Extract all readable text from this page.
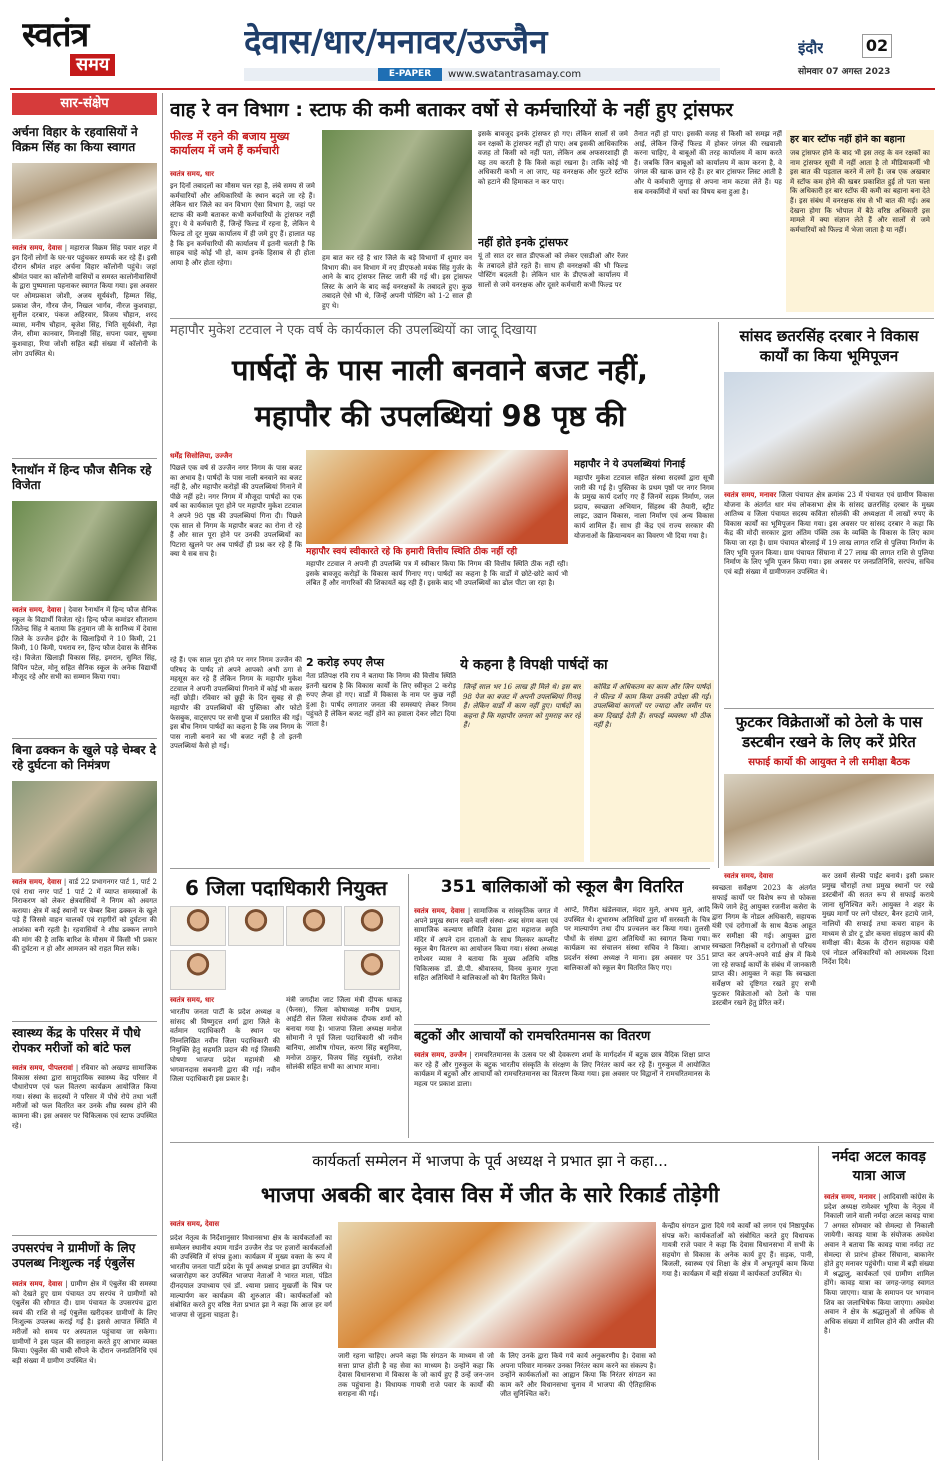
स्वतंत्र
समय
देवास/धार/मनावर/उज्जैन
E-PAPER	www.swatantrasamay.com
इंदौर	02
सोमवार 07 अगस्त 2023
सार-संक्षेप
अर्चना विहार के रहवासियों ने विक्रम सिंह का किया स्वागत
स्वतंत्र समय, देवास | महाराज विक्रम सिंह पवार शहर में इन दिनों लोगों के घर-घर पहुंचकर सम्पर्क कर रहे हैं। इसी दौरान श्रीमंत शहर अर्चना विहार कॉलोनी पहुंचे। जहां श्रीमंत पवार का कॉलोनी वासियों व समस्त कालोनीवासियों के द्वारा पुष्पमाला पहनाकर स्वागत किया गया। इस अवसर पर ओमप्रकाश जोशी, अजय सूर्यवंशी, हिम्मत सिंह, प्रकाश जैन, गौरव जैन, निखल भार्गव, नीरज कुशवाहा, सुनील दरबार, पंकज अहिरवार, विजय चौहान, शरद व्यास, मनीष चौहान, बृजेश सिंह, भिति सूर्यवंशी, नेहा जैन, सीमा कानवार, मिनाक्षी सिंह, सपना पवार, सुषमा कुशवाहा, रिया जोशी सहित बड़ी संख्या में कॉलोनी के लोग उपस्थित थे।
रैनाथॉन में हिन्द फौज सैनिक रहे विजेता
स्वतंत्र समय, देवास | देवास रैनाथॉन में हिन्द फौज सैनिक स्कूल के विद्यार्थी विजेता रहे। हिन्द फौज कमांडर सीताराम जितेन्द्र सिंह ने बताया कि हनुमान जी के सानिध्य में देवास जिले के उज्जैन इंदौर के खिलाड़ियों ने 10 किमी, 21 किमी, 10 किमी, पथराव रन, हिन्द फौज देवास के सैनिक रहे। विजेता खिलाड़ी विकास सिंह, इमरान, सुमित सिंह, विपिन पटेल, मोनू सहित सैनिक स्कूल के अनेक विद्यार्थी मौजूद रहे और सभी का सम्मान किया गया।
बिना ढक्कन के खुले पड़े चेम्बर दे रहे दुर्घटना को निमंत्रण
स्वतंत्र समय, देवास | वार्ड 22 प्रभागनगर पार्ट 1, पार्ट 2 एवं राधा नगर पार्ट 1 पार्ट 2 में व्याप्त समस्याओं के निराकरण को लेकर क्षेत्रवासियों ने निगम को अवगत कराया। क्षेत्र में कई स्थानों पर चेम्बर बिना ढक्कन के खुले पड़े हैं जिससे वाहन चालकों एवं राहगीरों को दुर्घटना की आशंका बनी रहती है। रहवासियों ने शीघ्र ढक्कन लगाने की मांग की है ताकि बारिश के मौसम में किसी भी प्रकार की दुर्घटना न हो और आमजन को राहत मिल सके।
स्वास्थ्य केंद्र के परिसर में पौधे रोपकर मरीजों को बांटे फल
स्वतंत्र समय, पीपलरावां | रविवार को अखण्ड सामाजिक विकास संस्था द्वारा सामुदायिक स्वास्थ्य केंद्र परिसर में पौधारोपण एवं फल वितरण कार्यक्रम आयोजित किया गया। संस्था के सदस्यों ने परिसर में पौधे रोपे तथा भर्ती मरीजों को फल वितरित कर उनके शीघ्र स्वस्थ होने की कामना की। इस अवसर पर चिकित्सक एवं स्टाफ उपस्थित रहे।
उपसरपंच ने ग्रामीणों के लिए उपलब्ध निःशुल्क नई एंबुलेंस
स्वतंत्र समय, देवास | ग्रामीण क्षेत्र में एंबुलेंस की समस्या को देखते हुए ग्राम पंचायत उप सरपंच ने ग्रामीणों को एंबुलेंस की सौगात दी। ग्राम पंचायत के उपसरपंच द्वारा स्वयं की राशि से नई एंबुलेंस खरीदकर ग्रामीणों के लिए निःशुल्क उपलब्ध कराई गई है। इससे आपात स्थिति में मरीजों को समय पर अस्पताल पहुंचाया जा सकेगा। ग्रामीणों ने इस पहल की सराहना करते हुए आभार व्यक्त किया। एंबुलेंस की चाबी सौंपने के दौरान जनप्रतिनिधि एवं बड़ी संख्या में ग्रामीण उपस्थित थे।
वाह रे वन विभाग : स्टाफ की कमी बताकर वर्षो से कर्मचारियों के नहीं हुए ट्रांसफर
फील्ड में रहने की बजाय मुख्य कार्यालय में जमे हैं कर्मचारी
स्वतंत्र समय, धार
इन दिनों तबादलों का मौसम चल रहा है, लंबे समय से जमे कर्मचारियों और अधिकारियों के स्थान बदले जा रहे हैं। लेकिन धार जिले का वन विभाग ऐसा विभाग है, जहां पर स्टाफ की कमी बताकर कभी कर्मचारियों के ट्रांसफर नहीं हुए। ये वे कर्मचारी हैं, जिन्हें फिल्ड में रहना है, लेकिन ये फिल्ड तो दूर मुख्य कार्यालय में ही जमे हुए हैं। हालात यह है कि इन कर्मचारियों की कार्यालय में इतनी चलती है कि साहब चाहे कोई भी हो, काम इनके हिसाब से ही होता आया है और होता रहेगा।
हम बात कर रहे है धार जिले के बड़े विभागों में शुमार वन विभाग की। वन विभाग में नए डीएफओ मयंक सिंह गुर्जर के आने के बाद ट्रांसफर लिस्ट जारी की गई थी। इस ट्रांसफर लिस्ट के आने के बाद कई वनरक्षकों के तबादले हुए। कुछ तबादले ऐसे भी थे, जिन्हें अपनी पोस्टिंग को 1-2 साल ही हुए थे।
इसके बावजूद इनके ट्रांसफर हो गए। लेकिन सालों से जमे वन रक्षकों के ट्रांसफर नहीं हो पाए। अब इसकी आधिकारिक वजह तो किसी को नहीं पता, लेकिन अब अफसरशाही ही यह तय करती है कि किसे कहां रखना है। ताकि कोई भी अधिकारी कभी न आ जाए, यह वनरक्षक और फुटरे स्टॉफ को हटाने की हिमाकत न कर पाए।
नहीं होते इनके ट्रांसफर
यूं तो सात दर सात डीएफओ को लेकर एसडीओ और रेंजर के तबादले होते रहते हैं। साथ ही वनरक्षकों की भी फिल्ड पोस्टिंग बदलती है। लेकिन धार के डीएफओ कार्यालय में सालों से जमे वनरक्षक और दूसरे कर्मचारी कभी फिल्ड पर
तैनात नहीं हो पाए। इसकी वजह से किसी को समझ नहीं आई, लेकिन जिन्हें फिल्ड में होकर जंगल की रखवाली करना चाहिए, वे बाबूओं की तरह कार्यालय में काम करते हैं। जबकि जिन बाबूओं को कार्यालय में काम करना है, वे जंगल की खाक छान रहे हैं। हर बार ट्रांसफर लिस्ट आती है और ये कर्मचारी जुगाड़ से अपना नाम कटवा लेते हैं। यह सब वनकर्मियों में चर्चा का विषय बना हुआ है।
हर बार स्टॉफ नहीं होने का बहाना
जब ट्रांसफर होने के बाद भी इस तरह के वन रक्षकों का नाम ट्रांसफर सूची में नहीं आता है तो मीडियाकर्मी भी इस बात की पड़ताल करने में लगे हैं। जब एक अखबार में स्टॉफ कम होने की खबर प्रकाशित हुई तो पता चला कि अधिकारी हर बार स्टॉफ की कमी का बहाना बना देते हैं। इस संबंध में वनरक्षक संघ से भी बात की गई। अब देखना होगा कि भोपाल में बैठे वरिष्ठ अधिकारी इस मामले में क्या संज्ञान लेते हैं और सालों से जमे कर्मचारियों को फिल्ड में भेजा जाता है या नहीं।
महापौर मुकेश टटवाल ने एक वर्ष के कार्यकाल की उपलब्धियों का जादू दिखाया
पार्षदों के पास नाली बनवाने बजट नहीं,
महापौर की उपलब्धियां 98 पृष्ठ की
धर्मेंद्र सिसोलिया, उज्जैन
पिछले एक वर्ष से उज्जैन नगर निगम के पास बजट का अभाव है। पार्षदों के पास नाली बनवाने का बजट नहीं है, और महापौर करोड़ों की उपलब्धियां गिनाने में पीछे नहीं हटे। नगर निगम में मौजूदा पार्षदों का एक वर्ष का कार्यकाल पूरा होने पर महापौर मुकेश टटवाल ने अपने 98 पृष्ठ की उपलब्धियां गिना दी। पिछले एक साल से निगम के महापौर बजट का रोना रो रहे हैं और साल पूरा होने पर उनकी उपलब्धियों का पिटारा खुलने पर अब पार्षदों ही प्रश्न कर रहे हैं कि क्या ये सब सच है।	महापौर स्वयं स्वीकारते रहे कि हमारी वित्तीय स्थिति ठीक नहीं रही
महापौर टटवाल ने अपनी ही उपलब्धि पत्र में स्वीकार किया कि निगम की वित्तीय स्थिति ठीक नहीं रही। इसके बावजूद करोड़ों के विकास कार्य गिनाए गए। पार्षदों का कहना है कि वार्डों में छोटे-छोटे कार्य भी लंबित हैं और नागरिकों की शिकायतें बढ़ रही हैं। इसके बाद भी उपलब्धियों का ढोल पीटा जा रहा है।
महापौर ने ये उपलब्धियां गिनाई
महापौर मुकेश टटवाल सहित संस्था सदस्यों द्वारा सूची जारी की गई है। पुस्तिका के प्रथम पृष्ठों पर नगर निगम के प्रमुख कार्य दर्शाए गए हैं जिनमें सड़क निर्माण, जल प्रदाय, स्वच्छता अभियान, सिंहस्थ की तैयारी, स्ट्रीट लाइट, उद्यान विकास, नाला निर्माण एवं अन्य विकास कार्य शामिल हैं। साथ ही केंद्र एवं राज्य सरकार की योजनाओं के क्रियान्वयन का विवरण भी दिया गया है।
रहे हैं। एक साल पूरा होने पर नगर निगम उज्जैन की परिषद के पार्षद तो अपने आपको अभी ठगा से महसूस कर रहे हैं लेकिन निगम के महापौर मुकेश टटवाल ने अपनी उपलब्धियां गिनाने में कोई भी कसर नहीं छोड़ी। रविवार को छुट्टी के दिन सुबह से ही महापौर की उपलब्धियों की पुस्तिका और फोटो फेसबुक, वाट्सएप पर सभी ग्रुप्स में प्रसारित की गई। इस बीच निगम पार्षदों का कहना है कि जब निगम के पास नाली बनाने का भी बजट नहीं है तो इतनी उपलब्धियां कैसे हो गईं।
2 करोड़ रुपए लैप्स
नेता प्रतिपक्ष रवि राय ने बताया कि निगम की वित्तीय स्थिति इतनी खराब है कि विकास कार्यों के लिए स्वीकृत 2 करोड़ रुपए लैप्स हो गए। वार्डों में विकास के नाम पर कुछ नहीं हुआ है। पार्षद लगातार जनता की समस्याएं लेकर निगम पहुंचते हैं लेकिन बजट नहीं होने का हवाला देकर लौटा दिया जाता है।
ये कहना है विपक्षी पार्षदों का
जिन्हें साल भर 16 लाख ही मिले थे। इस बार 98 पेज का बजट में अपनी उपलब्धियां गिनाई हैं। लेकिन वार्डों में काम नहीं हुए। पार्षदों का कहना है कि महापौर जनता को गुमराह कर रहे हैं।
कोविड में अधिकतम का काम और जिन पार्षदों ने फील्ड में काम किया उनकी उपेक्षा की गई। उपलब्धियां कागजों पर ज्यादा और जमीन पर कम दिखाई देती हैं। सफाई व्यवस्था भी ठीक नहीं है।
सांसद छतरसिंह दरबार ने विकास कार्यों का किया भूमिपूजन
स्वतंत्र समय, मनावर जिला पंचायत क्षेत्र क्रमांक 23 में पंचायत एवं ग्रामीण विकास योजना के अंतर्गत धार मंच लोकसभा क्षेत्र के सांसद छतरसिंह दरबार के मुख्य आतिथ्य व जिला पंचायत सदस्य कविता सोलंकी की अध्यक्षता में लाखों रुपए के विकास कार्यों का भूमिपूजन किया गया। इस अवसर पर सांसद दरबार ने कहा कि केंद्र की मोदी सरकार द्वारा अंतिम पंक्ति तक के व्यक्ति के विकास के लिए काम किया जा रहा है। ग्राम पंचायत बोरलाई में 19 लाख लागत राशि से पुलिया निर्माण के लिए भूमि पूजन किया। ग्राम पंचायत सिंघाना में 27 लाख की लागत राशि से पुलिया निर्माण के लिए भूमि पूजन किया गया। इस अवसर पर जनप्रतिनिधि, सरपंच, सचिव एवं बड़ी संख्या में ग्रामीणजन उपस्थित थे।
फुटकर विक्रेताओं को ठेलो के पास डस्टबीन रखने के लिए करें प्रेरित
सफाई कार्यो की आयुक्त ने ली समीक्षा बैठक
स्वतंत्र समय, देवास
स्वच्छता सर्वेक्षण 2023 के अंतर्गत सफाई कार्यों पर विशेष रूप से फोकस किये जाने हेतु आयुक्त रजनीश कसेरा के द्वारा निगम के नोडल अधिकारी, सहायक यंत्री एवं दरोगाओं के साथ बैठक आहूत कर समीक्षा की गई। आयुक्त द्वारा स्वच्छता निरीक्षकों व दरोगाओं से परिचय प्राप्त कर अपने-अपने वार्ड क्षेत्र में किये जा रहे सफाई कार्यों के संबंध में जानकारी प्राप्त की। आयुक्त ने कहा कि स्वच्छता सर्वेक्षण को दृष्टिगत रखते हुए सभी फुटकर विक्रेताओं को ठेलो के पास डस्टबीन रखने हेतु प्रेरित करें।
कर उसमें सेल्फी पाईंट बनाये। इसी प्रकार प्रमुख चौराहों तथा प्रमुख स्थानों पर रखे डस्टबीनों की सतत रूप से सफाई कराये जाना सुनिश्चित करें। आयुक्त ने शहर के मुख्य मार्गों पर लगे पोस्टर, बैनर हटाये जाने, नालियों की सफाई तथा कचरा वाहन के माध्यम से डोर टू डोर कचरा संग्रहण कार्य की समीक्षा की। बैठक के दौरान सहायक यंत्री एवं नोडल अधिकारियों को आवश्यक दिशा निर्देश दिये।
6 जिला पदाधिकारी नियुक्त
स्वतंत्र समय, धार
भारतीय जनता पार्टी के प्रदेश अध्यक्ष व सांसद श्री विष्णुदत्त शर्मा द्वारा जिले के वर्तमान पदाधिकारी के स्थान पर निम्नलिखित नवीन जिला पदाधिकारी की नियुक्ति हेतु सहमति प्रदान की गई जिसकी घोषणा भाजपा प्रदेश महामंत्री श्री भगवानदास सबनानी द्वारा की गई। नवीन जिला पदाधिकारी इस प्रकार है।
मंत्री जगदीश जाट जिला मंत्री दीपक धाकड़ (फैनस), जिला कोषाध्यक्ष मनीष प्रधान, आईटी सेल जिला संयोजक दीपक शर्मा को बनाया गया है। भाजपा जिला अध्यक्ष मनोज सोमानी ने पूर्व जिला पदाधिकारी श्री नवीन बानिया, आशीष गोयल, करण सिंह बसुनिया, मनोज ठाकुर, विजय सिंह रघुवंशी, राजेश सोलंकी सहित सभी का आभार माना।
351 बालिकाओं को स्कूल बैग वितरित
स्वतंत्र समय, देवास | सामाजिक व सांस्कृतिक जगत में अपने प्रमुख स्थान रखने वाली संस्था- शब्द संगम कला एवं सामाजिक कल्याण समिति देवास द्वारा महाराज स्मृति मंदिर में अपने दान दाताओं के साथ मिलकर कम्प्लीट स्कूल बैग वितरण का आयोजन किया गया। संस्था अध्यक्ष रामेश्वर व्यास ने बताया कि मुख्य अतिथि वरिष्ठ चिकित्सक डॉ. डी.पी. श्रीवास्तव, विनय कुमार गुप्ता सहित अतिथियों ने बालिकाओं को बैग वितरित किये।
आप्टे, गिरीश खंडेलवाल, मंदार मुले, अभय मुले, आदि उपस्थित थे। शुभारम्भ अतिथियों द्वारा माँ सरस्वती के चित्र पर माल्यार्पण तथा दीप प्रज्वलन कर किया गया। तुलसी पौधों के संस्था द्वारा अतिथियों का स्वागत किया गया। कार्यक्रम का संचालन संस्था सचिव ने किया। आभार प्रदर्शन संस्था अध्यक्ष ने माना। इस अवसर पर 351 बालिकाओं को स्कूल बैग वितरित किए गए।
बटुकों और आचार्यों को रामचरितमानस का वितरण
स्वतंत्र समय, उज्जैन | रामचरितमानस के उत्सव पर श्री देवकरण शर्मा के मार्गदर्शन में बटुक छात्र वैदिक शिक्षा प्राप्त कर रहे हैं और गुरुकुल के बटुक भारतीय संस्कृति के संरक्षण के लिए निरंतर कार्य कर रहे हैं। गुरुकुल में आयोजित कार्यक्रम में बटुकों और आचार्यों को रामचरितमानस का वितरण किया गया। इस अवसर पर विद्वानों ने रामचरितमानस के महत्व पर प्रकाश डाला।
कार्यकर्ता सम्मेलन में भाजपा के पूर्व अध्यक्ष ने प्रभात झा ने कहा...
भाजपा अबकी बार देवास विस में जीत के सारे रिकार्ड तोड़ेगी
स्वतंत्र समय, देवास
प्रदेश नेतृत्व के निर्देशानुसार विधानसभा क्षेत्र के कार्यकर्ताओं का सम्मेलन स्थानीय श्याम गार्डन उज्जैन रोड पर हजारों कार्यकर्ताओं की उपस्थिति में संपन्न हुआ। कार्यक्रम में मुख्य वक्ता के रूप में भारतीय जनता पार्टी प्रदेश के पूर्व अध्यक्ष प्रभात झा उपस्थित थे। ध्वजारोहण कर उपस्थित भाजपा नेताओं ने भारत माता, पंडित दीनदयाल उपाध्याय एवं डॉ. श्यामा प्रसाद मुखर्जी के चित्र पर माल्यार्पण कर कार्यक्रम की शुरुआत की। कार्यकर्ताओं को संबोधित करते हुए वरिष्ठ नेता प्रभात झा ने कहा कि आज हर वर्ग भाजपा से जुड़ना चाहता है।
जारी रहना चाहिए। अपने कहा कि संगठन के माध्यम से जो सत्ता प्राप्त होती है वह सेवा का माध्यम है। उन्होंने कहा कि देवास विधानसभा में विकास के जो कार्य हुए हैं उन्हें जन-जन तक पहुंचाना है। विधायक गायत्री राजे पवार के कार्यों की सराहना की गई।
के लिए उनके द्वारा किये गये कार्य अनुकरणीय है। देवास को अपना परिवार मानकर उनका निरंतर काम करने का संकल्प है। उन्होंने कार्यकर्ताओं का आह्वान किया कि निरंतर संगठन का काम करें और विधानसभा चुनाव में भाजपा की ऐतिहासिक जीत सुनिश्चित करें।
केन्द्रीय संगठन द्वारा दिये गये कार्यों को लगन एवं निष्ठापूर्वक संपन्न करें। कार्यकर्ताओं को संबोधित करते हुए विधायक गायत्री राजे पवार ने कहा कि देवास विधानसभा में सभी के सहयोग से विकास के अनेक कार्य हुए हैं। सड़क, पानी, बिजली, स्वास्थ्य एवं शिक्षा के क्षेत्र में अभूतपूर्व काम किया गया है। कार्यक्रम में बड़ी संख्या में कार्यकर्ता उपस्थित थे।
नर्मदा अटल कावड़ यात्रा आज
स्वतंत्र समय, मनावर | आदिवासी कांग्रेस के प्रदेश अध्यक्ष रामेश्वर भूरिया के नेतृत्व में निकाली जाने वाली नर्मदा अटल कावड़ यात्रा 7 अगस्त सोमवार को सेमल्दा से निकाली जायेगी। कावड़ यात्रा के संयोजक अवधेश अवान ने बताया कि कावड़ यात्रा नर्मदा तट सेमल्दा से प्रारंभ होकर सिंघाना, बाकानेर होते हुए मनावर पहुंचेगी। यात्रा में बड़ी संख्या में श्रद्धालु, कार्यकर्ता एवं ग्रामीण शामिल होंगे। कावड़ यात्रा का जगह-जगह स्वागत किया जाएगा। यात्रा के समापन पर भगवान शिव का जलाभिषेक किया जाएगा। अवधेश अवान ने क्षेत्र के श्रद्धालुओं से अधिक से अधिक संख्या में शामिल होने की अपील की है।
